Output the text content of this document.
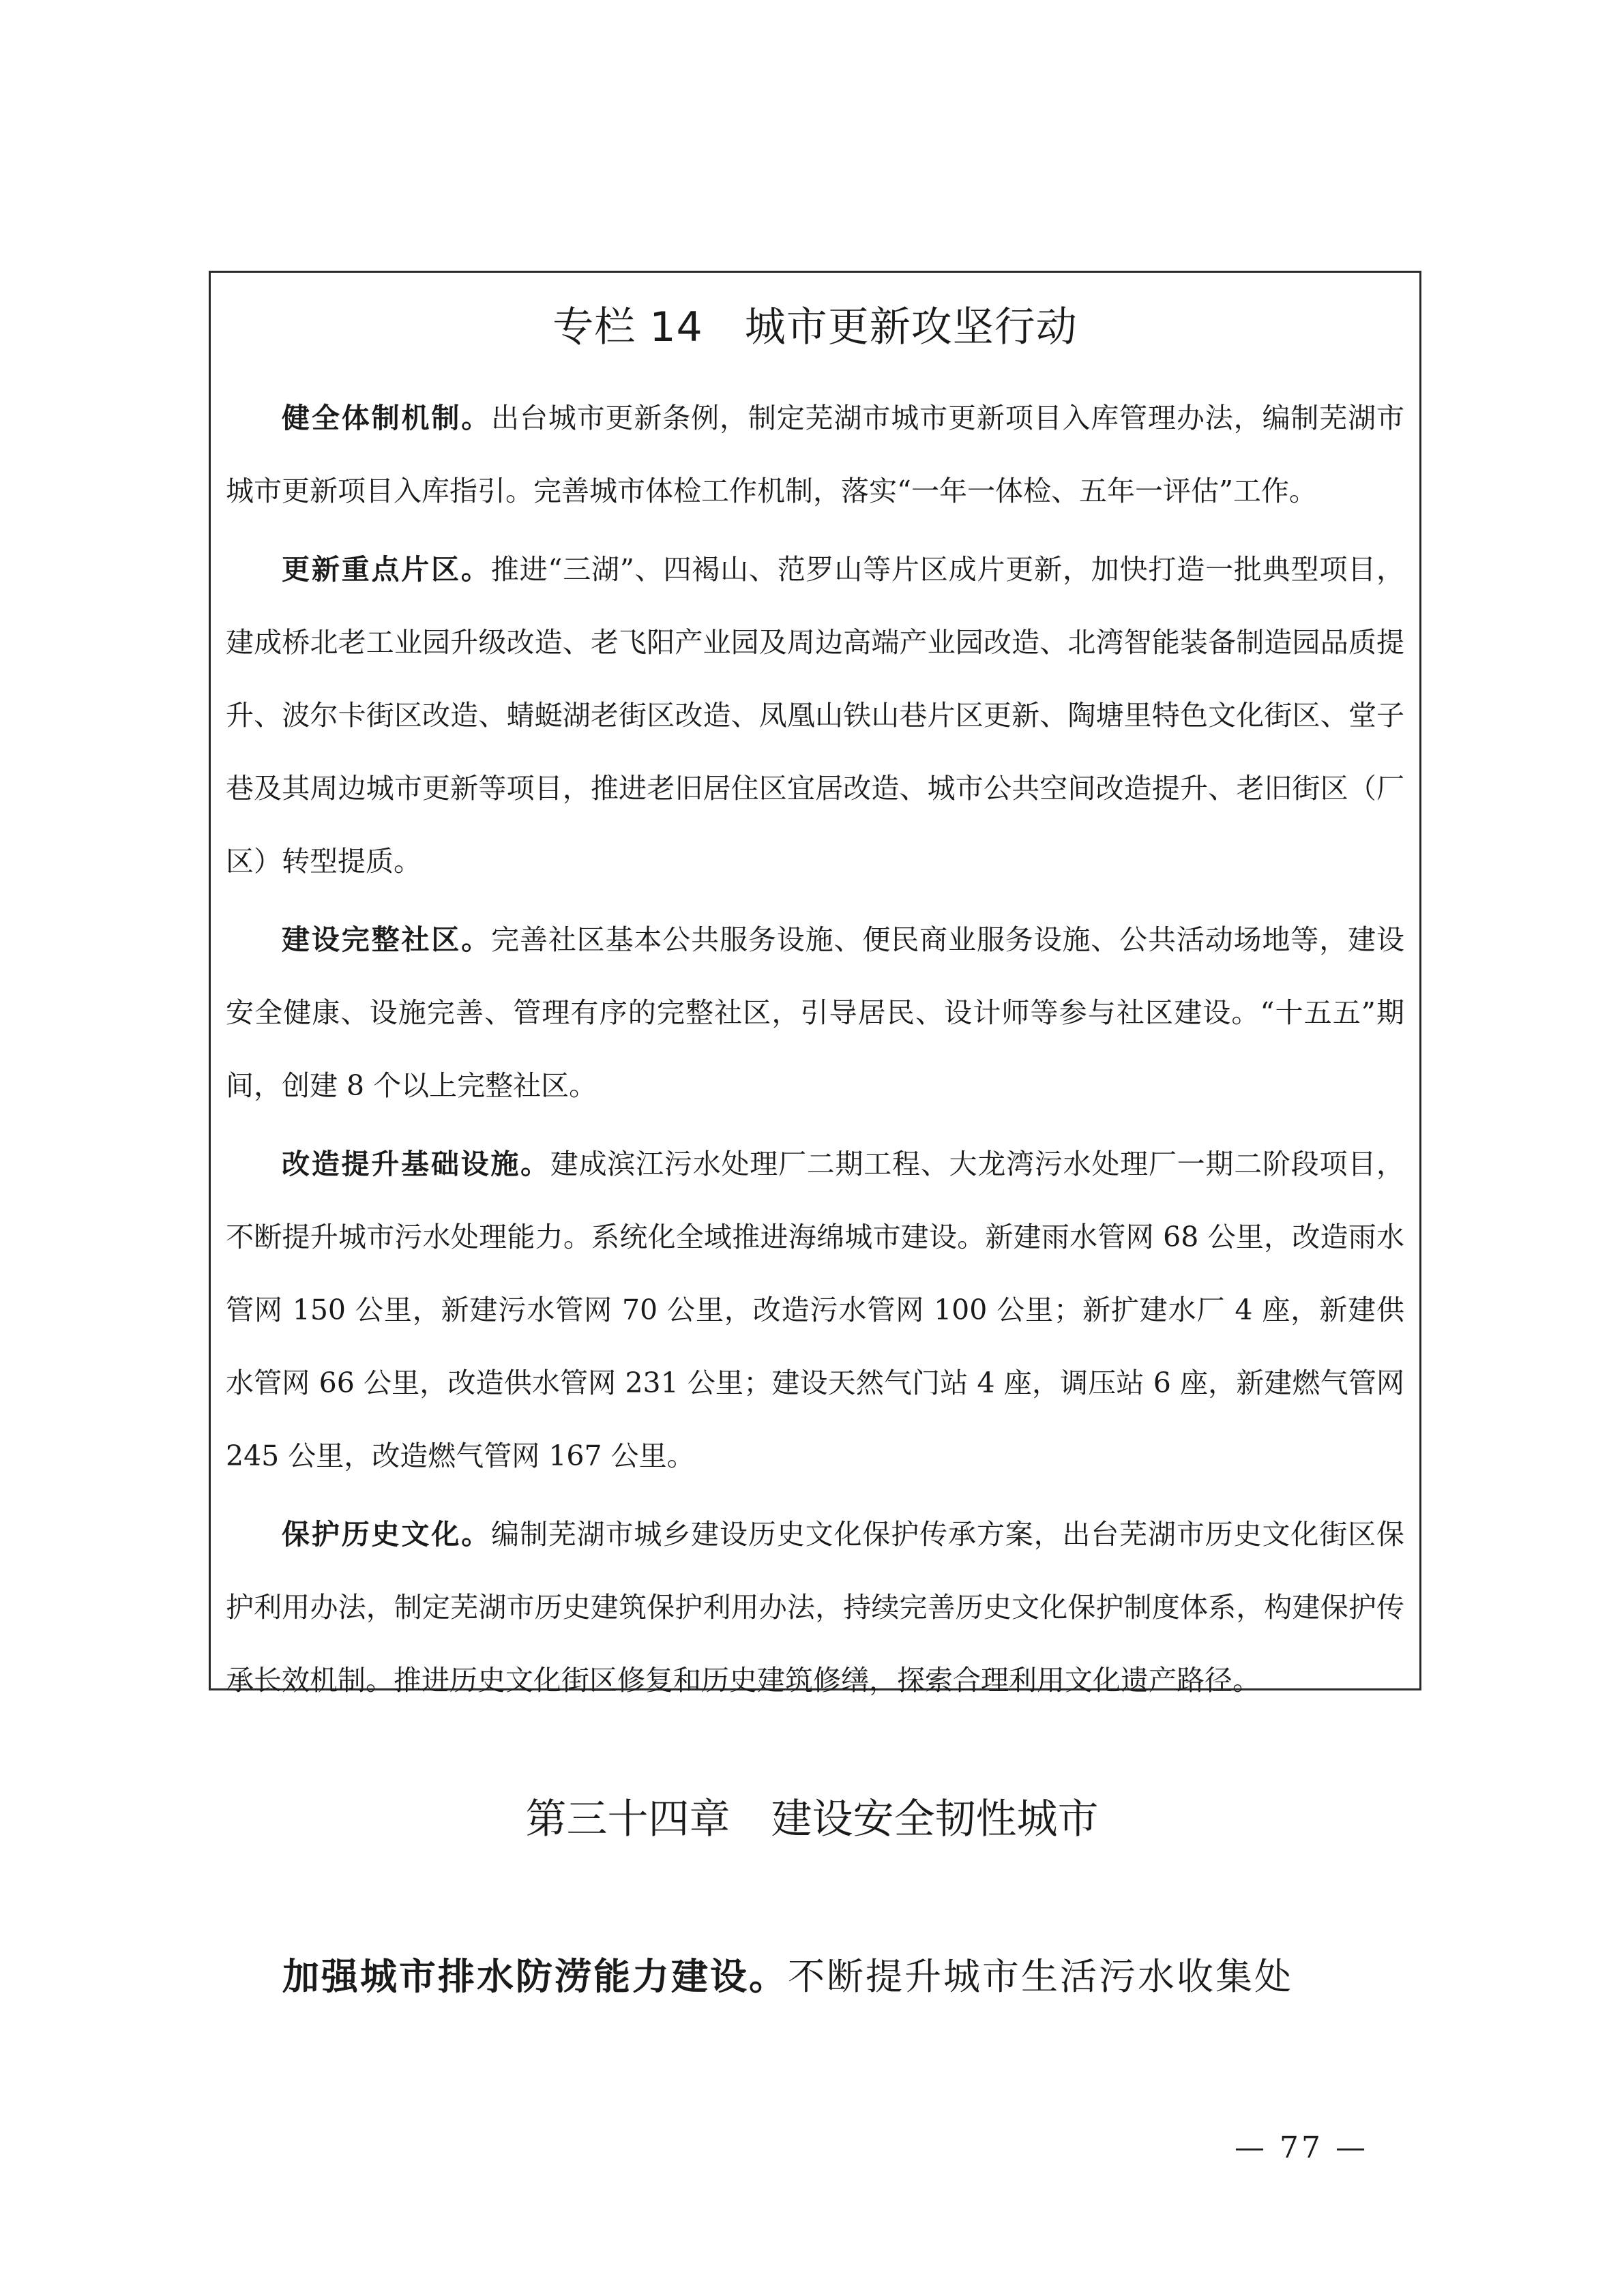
专栏 14　城市更新攻坚行动

健全体制机制。出台城市更新条例，制定芜湖市城市更新项目入库管理办法，编制芜湖市城市更新项目入库指引。完善城市体检工作机制，落实“一年一体检、五年一评估”工作。

更新重点片区。推进“三湖”、四褐山、范罗山等片区成片更新，加快打造一批典型项目，建成桥北老工业园升级改造、老飞阳产业园及周边高端产业园改造、北湾智能装备制造园品质提升、波尔卡街区改造、蜻蜓湖老街区改造、凤凰山铁山巷片区更新、陶塘里特色文化街区、堂子巷及其周边城市更新等项目，推进老旧居住区宜居改造、城市公共空间改造提升、老旧街区（厂区）转型提质。

建设完整社区。完善社区基本公共服务设施、便民商业服务设施、公共活动场地等，建设安全健康、设施完善、管理有序的完整社区，引导居民、设计师等参与社区建设。“十五五”期间，创建 8 个以上完整社区。

改造提升基础设施。建成滨江污水处理厂二期工程、大龙湾污水处理厂一期二阶段项目，不断提升城市污水处理能力。系统化全域推进海绵城市建设。新建雨水管网 68 公里，改造雨水管网 150 公里，新建污水管网 70 公里，改造污水管网 100 公里；新扩建水厂 4 座，新建供水管网 66 公里，改造供水管网 231 公里；建设天然气门站 4 座，调压站 6 座，新建燃气管网 245 公里，改造燃气管网 167 公里。

保护历史文化。编制芜湖市城乡建设历史文化保护传承方案，出台芜湖市历史文化街区保护利用办法，制定芜湖市历史建筑保护利用办法，持续完善历史文化保护制度体系，构建保护传承长效机制。推进历史文化街区修复和历史建筑修缮，探索合理利用文化遗产路径。

第三十四章　建设安全韧性城市
加强城市排水防涝能力建设。不断提升城市生活污水收集处
— 77 —
